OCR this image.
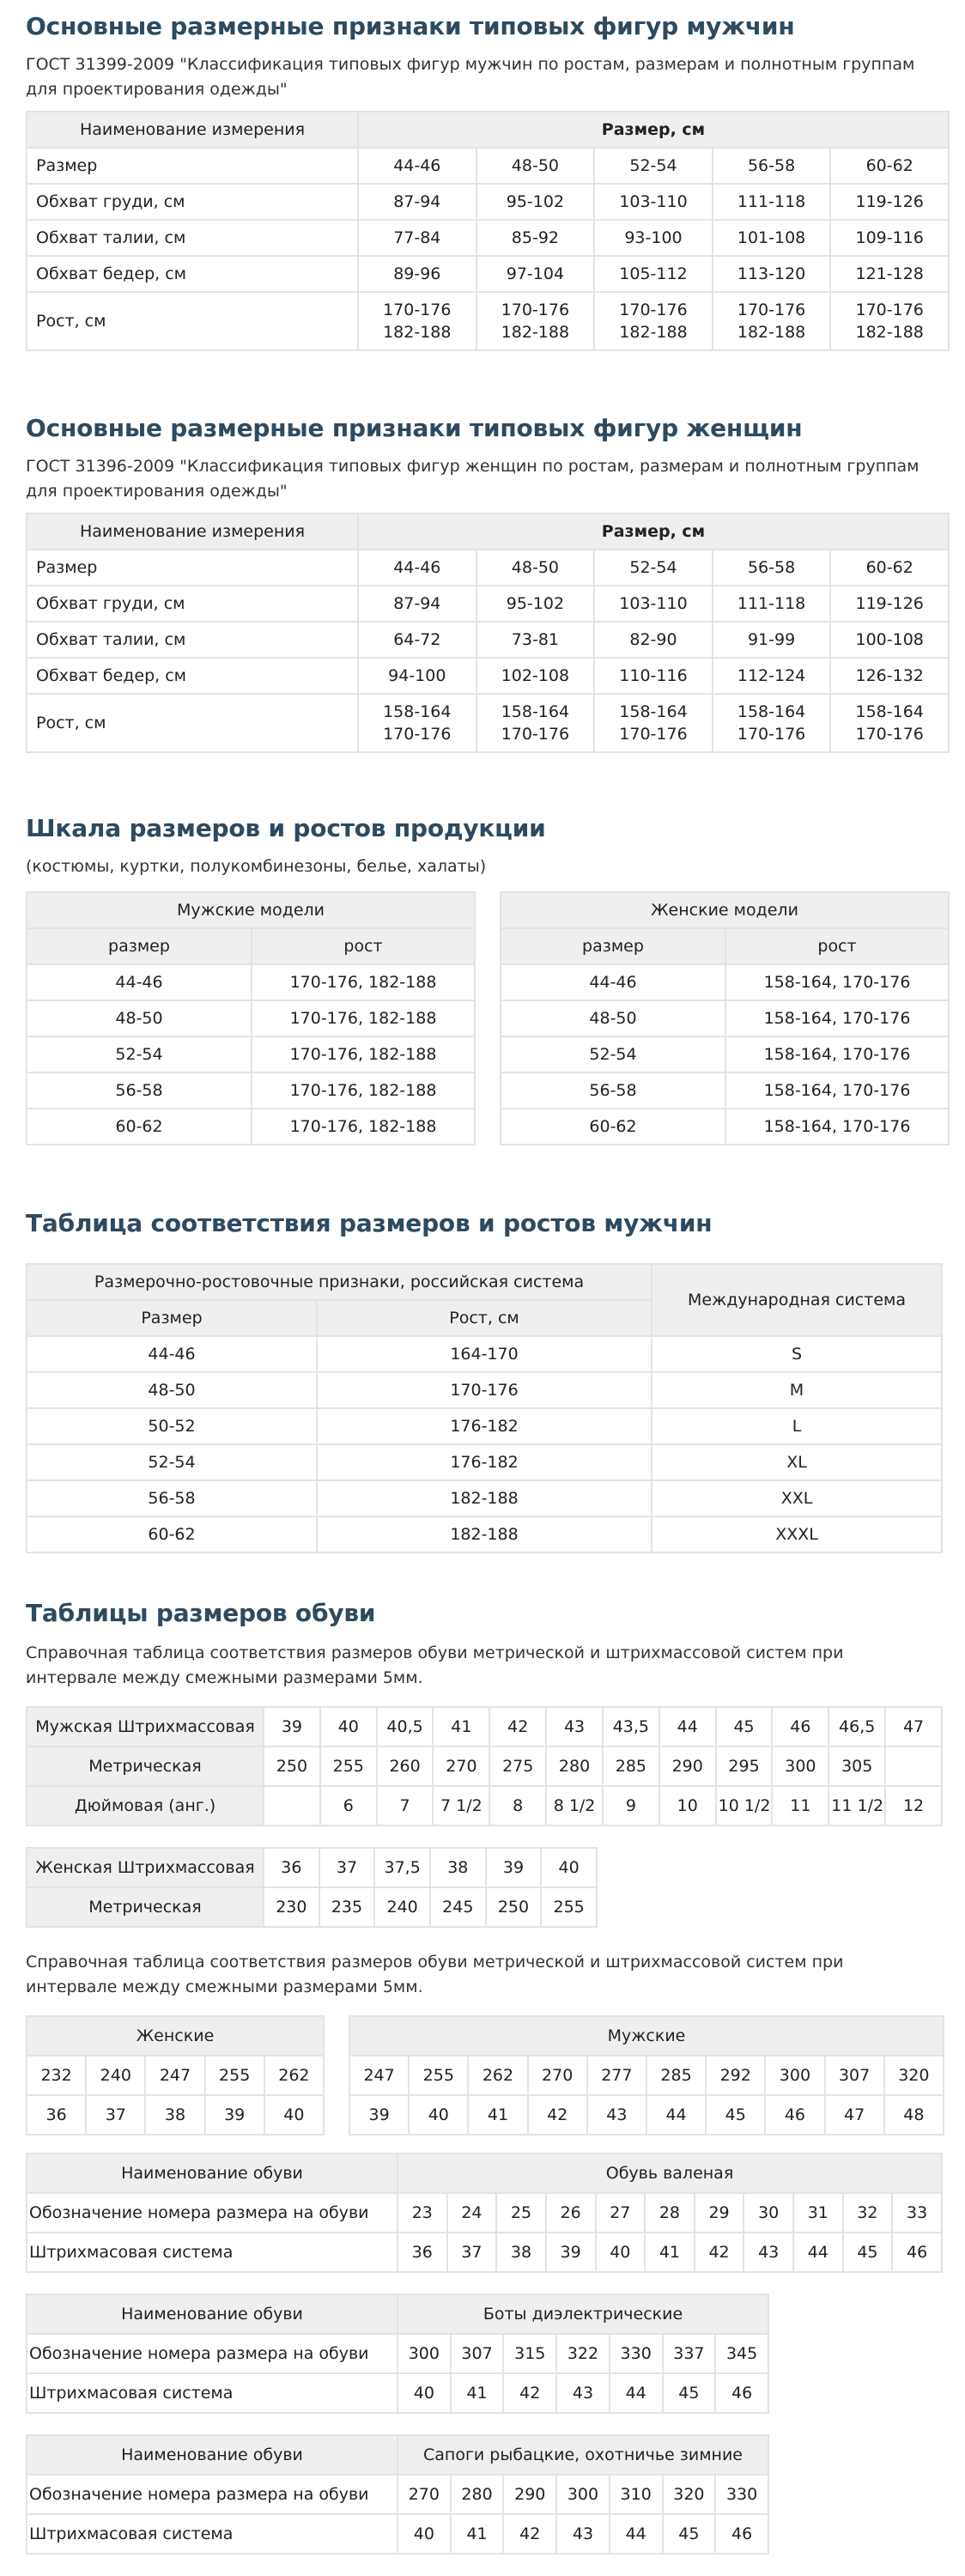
Основные размерные признаки типовых фигур мужчин

ГОСТ 31399-2009 "Классификация типовых фигур мужчин по ростам, размерам и полнотным группам для проектирования одежды"

Наименование измерения	Размер, см				
Размер	44-46	48-50	52-54	56-58	60-62
Обхват груди, см	87-94	95-102	103-110	111-118	119-126
Обхват талии, см	77-84	85-92	93-100	101-108	109-116
Обхват бедер, см	89-96	97-104	105-112	113-120	121-128
Рост, см	170-176 182-188	170-176 182-188	170-176 182-188	170-176 182-188	170-176 182-188
Основные размерные признаки типовых фигур женщин

ГОСТ 31396-2009 "Классификация типовых фигур женщин по ростам, размерам и полнотным группам для проектирования одежды"

Наименование измерения	Размер, см				
Размер	44-46	48-50	52-54	56-58	60-62
Обхват груди, см	87-94	95-102	103-110	111-118	119-126
Обхват талии, см	64-72	73-81	82-90	91-99	100-108
Обхват бедер, см	94-100	102-108	110-116	112-124	126-132
Рост, см	158-164 170-176	158-164 170-176	158-164 170-176	158-164 170-176	158-164 170-176
Шкала размеров и ростов продукции

(костюмы, куртки, полукомбинезоны, белье, халаты)

Мужские модели	
размер	рост
44-46	170-176, 182-188
48-50	170-176, 182-188
52-54	170-176, 182-188
56-58	170-176, 182-188
60-62	170-176, 182-188
Женские модели	
размер	рост
44-46	158-164, 170-176
48-50	158-164, 170-176
52-54	158-164, 170-176
56-58	158-164, 170-176
60-62	158-164, 170-176
Таблица соответствия размеров и ростов мужчин
Размерочно-ростовочные признаки, российская система		Международная система
Размер	Рост, см	
44-46	164-170	S
48-50	170-176	M
50-52	176-182	L
52-54	176-182	XL
56-58	182-188	XXL
60-62	182-188	XXXL
Таблицы размеров обуви

Справочная таблица соответствия размеров обуви метрической и штрихмассовой систем при интервале между смежными размерами 5мм.

Мужская Штрихмассовая	39	40	40,5	41	42	43	43,5	44	45	46	46,5	47
Метрическая	250	255	260	270	275	280	285	290	295	300	305	
Дюймовая (анг.)		6	7	7 1/2	8	8 1/2	9	10	10 1/2	11	11 1/2	12
Женская Штрихмассовая	36	37	37,5	38	39	40
Метрическая	230	235	240	245	250	255

Справочная таблица соответствия размеров обуви метрической и штрихмассовой систем при интервале между смежными размерами 5мм.

Женские				
232	240	247	255	262
36	37	38	39	40
Мужские									
247	255	262	270	277	285	292	300	307	320
39	40	41	42	43	44	45	46	47	48
Наименование обуви	Обувь валеная										
Обозначение номера размера на обуви	23	24	25	26	27	28	29	30	31	32	33
Штрихмасовая система	36	37	38	39	40	41	42	43	44	45	46
Наименование обуви	Боты диэлектрические						
Обозначение номера размера на обуви	300	307	315	322	330	337	345
Штрихмасовая система	40	41	42	43	44	45	46
Наименование обуви	Сапоги рыбацкие, охотничье зимние						
Обозначение номера размера на обуви	270	280	290	300	310	320	330
Штрихмасовая система	40	41	42	43	44	45	46
